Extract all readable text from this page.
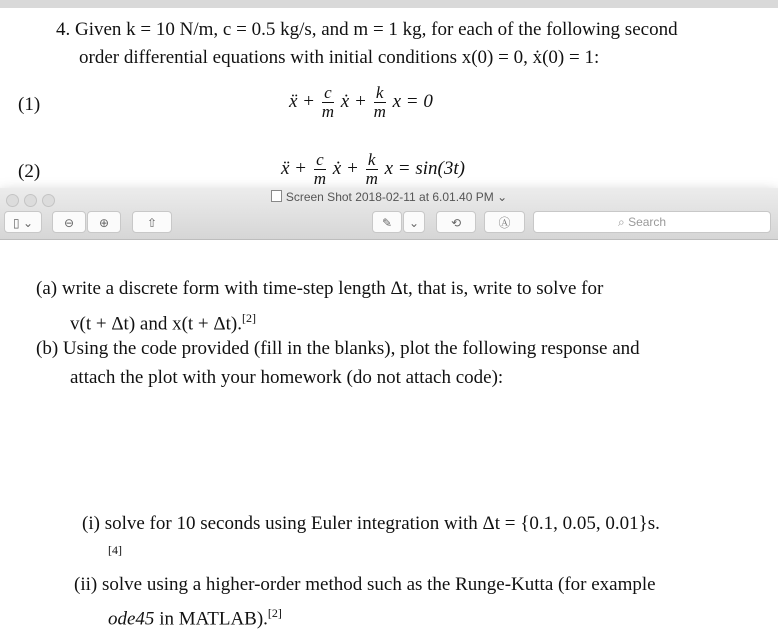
4. Given k = 10 N/m, c = 0.5 kg/s, and m = 1 kg, for each of the following second
order differential equations with initial conditions x(0) = 0, ẋ(0) = 1:
(1)	ẍ + $\frac{c}{m}$ ẋ + $\frac{k}{m}$ x = 0
(2)	ẍ + $\frac{c}{m}$ ẋ + $\frac{k}{m}$ x = sin(3t)
Screen Shot 2018-02-11 at 6.01.40 PM ⌄
▯ ⌄	⊖	⊕	⇧	✎	⌄	⟲	Ⓐ	⌕ Search
(a) write a discrete form with time-step length Δt, that is, write to solve for
v(t + Δt) and x(t + Δt).[2]
(b) Using the code provided (fill in the blanks), plot the following response and
attach the plot with your homework (do not attach code):
(i) solve for 10 seconds using Euler integration with Δt = {0.1, 0.05, 0.01}s.
[4]
(ii) solve using a higher-order method such as the Runge-Kutta (for example
ode45 in MATLAB).[2]
